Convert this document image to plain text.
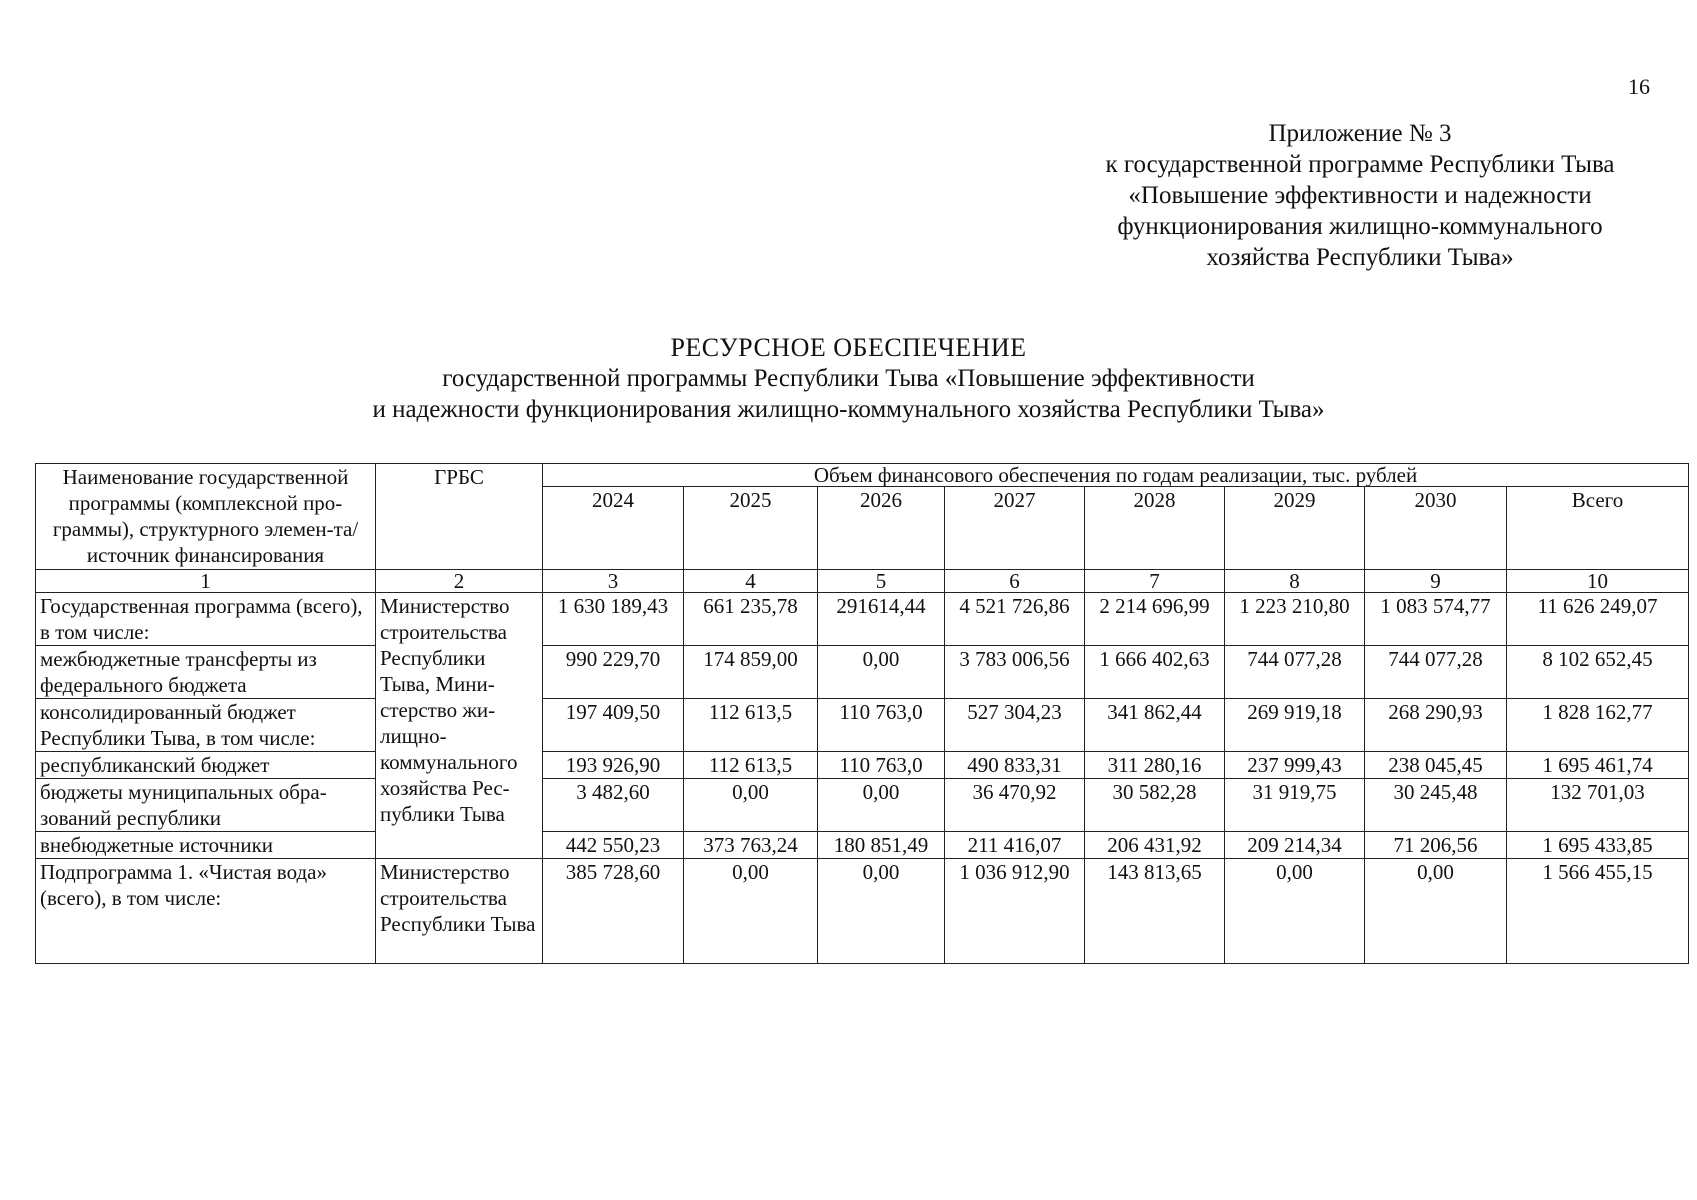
16
Приложение № 3
к государственной программе Республики Тыва
«Повышение эффективности и надежности
функционирования жилищно-коммунального
хозяйства Республики Тыва»
РЕСУРСНОЕ ОБЕСПЕЧЕНИЕ
государственной программы Республики Тыва «Повышение эффективности
и надежности функционирования жилищно-коммунального хозяйства Республики Тыва»
Наименование государственной программы (комплексной про-граммы), структурного элемен-та/источник финансирования	ГРБС	Объем финансового обеспечения по годам реализации, тыс. рублей							
		2024	2025	2026	2027	2028	2029	2030	Всего
1	2	3	4	5	6	7	8	9	10
Государственная программа (всего), в том числе:	Министерство строительства Республики Тыва, Мини-стерство жи-лищно-коммунального хозяйства Рес-публики Тыва	1 630 189,43	661 235,78	291614,44	4 521 726,86	2 214 696,99	1 223 210,80	1 083 574,77	11 626 249,07
межбюджетные трансферты из федерального бюджета		990 229,70	174 859,00	0,00	3 783 006,56	1 666 402,63	744 077,28	744 077,28	8 102 652,45
консолидированный бюджет Республики Тыва, в том числе:		197 409,50	112 613,5	110 763,0	527 304,23	341 862,44	269 919,18	268 290,93	1 828 162,77
республиканский бюджет		193 926,90	112 613,5	110 763,0	490 833,31	311 280,16	237 999,43	238 045,45	1 695 461,74
бюджеты муниципальных обра-зований республики		3 482,60	0,00	0,00	36 470,92	30 582,28	31 919,75	30 245,48	132 701,03
внебюджетные источники		442 550,23	373 763,24	180 851,49	211 416,07	206 431,92	209 214,34	71 206,56	1 695 433,85
Подпрограмма 1. «Чистая вода» (всего), в том числе:	Министерство строительства Республики Тыва	385 728,60	0,00	0,00	1 036 912,90	143 813,65	0,00	0,00	1 566 455,15
